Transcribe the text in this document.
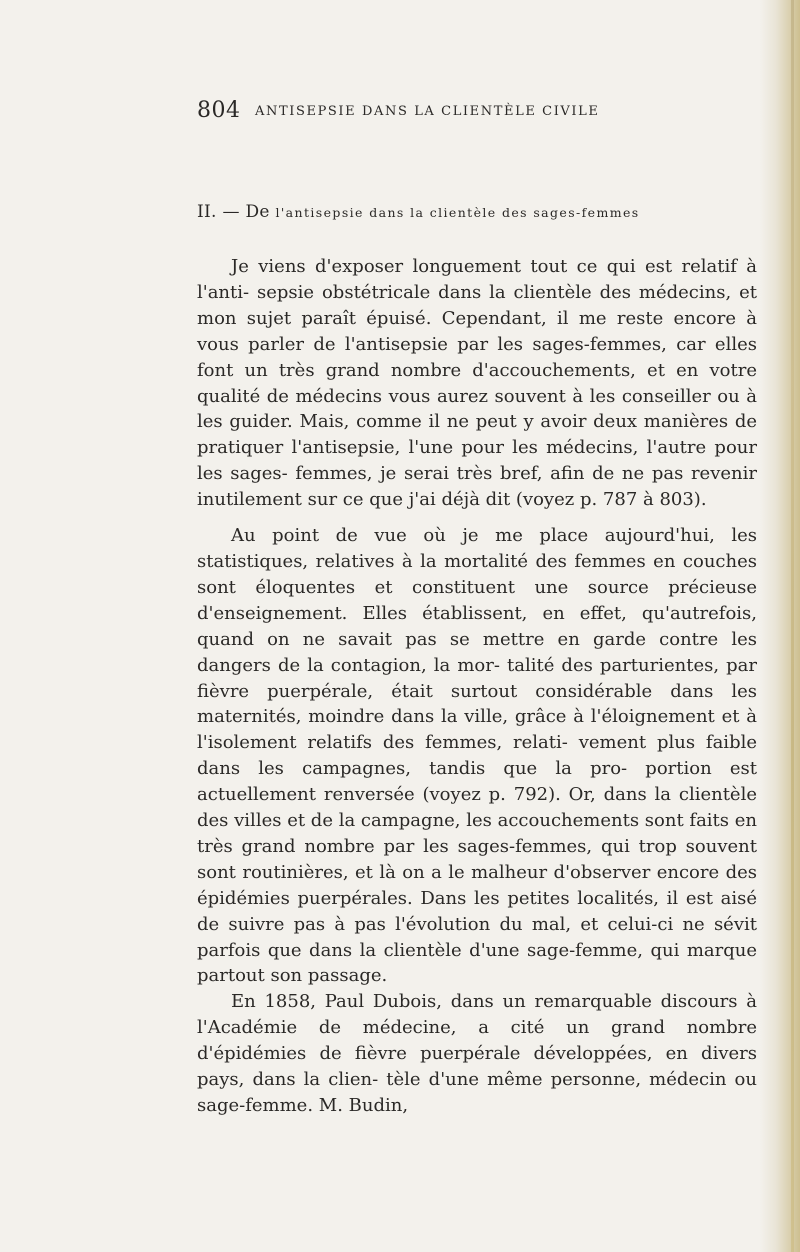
804 ANTISEPSIE DANS LA CLIENTÈLE CIVILE
II. — De l'antisepsie dans la clientèle des sages-femmes

Je viens d'exposer longuement tout ce qui est relatif à l'anti- sepsie obstétricale dans la clientèle des médecins, et mon sujet paraît épuisé. Cependant, il me reste encore à vous parler de l'antisepsie par les sages-femmes, car elles font un très grand nombre d'accouchements, et en votre qualité de médecins vous aurez souvent à les conseiller ou à les guider. Mais, comme il ne peut y avoir deux manières de pratiquer l'antisepsie, l'une pour les médecins, l'autre pour les sages- femmes, je serai très bref, afin de ne pas revenir inutilement sur ce que j'ai déjà dit (voyez p. 787 à 803).

Au point de vue où je me place aujourd'hui, les statistiques, relatives à la mortalité des femmes en couches sont éloquentes et constituent une source précieuse d'enseignement. Elles établissent, en effet, qu'autrefois, quand on ne savait pas se mettre en garde contre les dangers de la contagion, la mor- talité des parturientes, par fièvre puerpérale, était surtout considérable dans les maternités, moindre dans la ville, grâce à l'éloignement et à l'isolement relatifs des femmes, relati- vement plus faible dans les campagnes, tandis que la pro- portion est actuellement renversée (voyez p. 792). Or, dans la clientèle des villes et de la campagne, les accouchements sont faits en très grand nombre par les sages-femmes, qui trop souvent sont routinières, et là on a le malheur d'observer encore des épidémies puerpérales. Dans les petites localités, il est aisé de suivre pas à pas l'évolution du mal, et celui-ci ne sévit parfois que dans la clientèle d'une sage-femme, qui marque partout son passage.

En 1858, Paul Dubois, dans un remarquable discours à l'Académie de médecine, a cité un grand nombre d'épidémies de fièvre puerpérale développées, en divers pays, dans la clien- tèle d'une même personne, médecin ou sage-femme. M. Budin,
